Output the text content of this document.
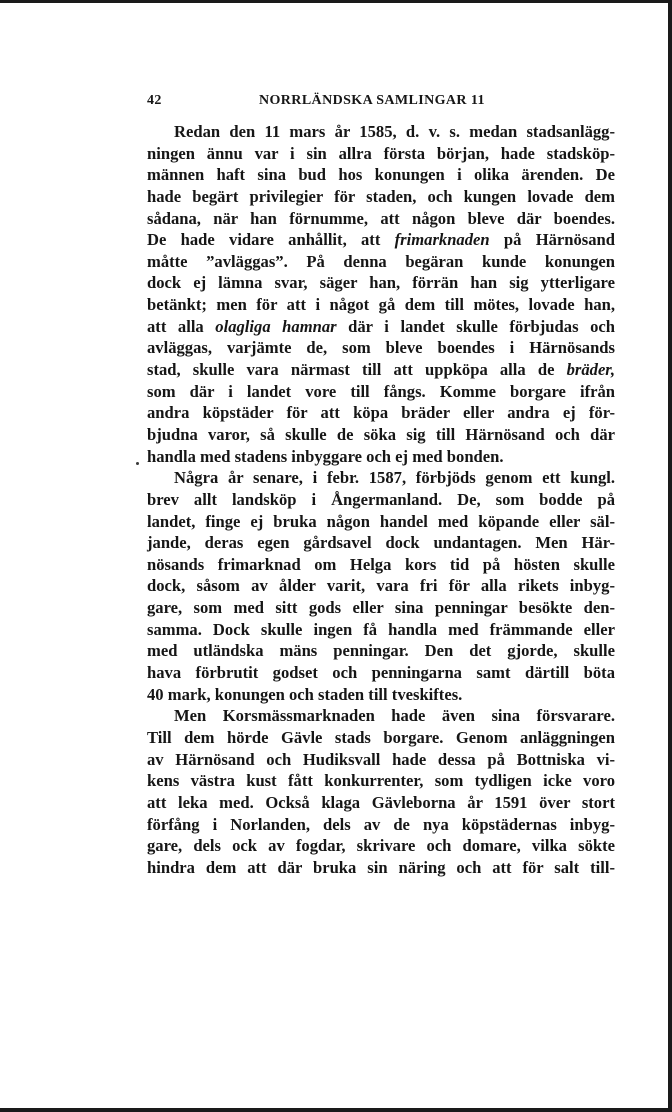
42	NORRLÄNDSKA SAMLINGAR 11
Redan den 11 mars år 1585, d. v. s. medan stadsanlägg-
ningen ännu var i sin allra första början, hade stadsköp-
männen haft sina bud hos konungen i olika ärenden. De
hade begärt privilegier för staden, och kungen lovade dem
sådana, när han förnumme, att någon bleve där boendes.
De hade vidare anhållit, att frimarknaden på Härnösand
måtte ”avläggas”. På denna begäran kunde konungen
dock ej lämna svar, säger han, förrän han sig ytterligare
betänkt; men för att i något gå dem till mötes, lovade han,
att alla olagliga hamnar där i landet skulle förbjudas och
avläggas, varjämte de, som bleve boendes i Härnösands
stad, skulle vara närmast till att uppköpa alla de bräder,
som där i landet vore till fångs. Komme borgare ifrån
andra köpstäder för att köpa bräder eller andra ej för-
bjudna varor, så skulle de söka sig till Härnösand och där
handla med stadens inbyggare och ej med bonden.
Några år senare, i febr. 1587, förbjöds genom ett kungl.
brev allt landsköp i Ångermanland. De, som bodde på
landet, finge ej bruka någon handel med köpande eller säl-
jande, deras egen gårdsavel dock undantagen. Men Här-
nösands frimarknad om Helga kors tid på hösten skulle
dock, såsom av ålder varit, vara fri för alla rikets inbyg-
gare, som med sitt gods eller sina penningar besökte den-
samma. Dock skulle ingen få handla med främmande eller
med utländska mäns penningar. Den det gjorde, skulle
hava förbrutit godset och penningarna samt därtill böta
40 mark, konungen och staden till tveskiftes.
Men Korsmässmarknaden hade även sina försvarare.
Till dem hörde Gävle stads borgare. Genom anläggningen
av Härnösand och Hudiksvall hade dessa på Bottniska vi-
kens västra kust fått konkurrenter, som tydligen icke voro
att leka med. Också klaga Gävleborna år 1591 över stort
förfång i Norlanden, dels av de nya köpstädernas inbyg-
gare, dels ock av fogdar, skrivare och domare, vilka sökte
hindra dem att där bruka sin näring och att för salt till-
